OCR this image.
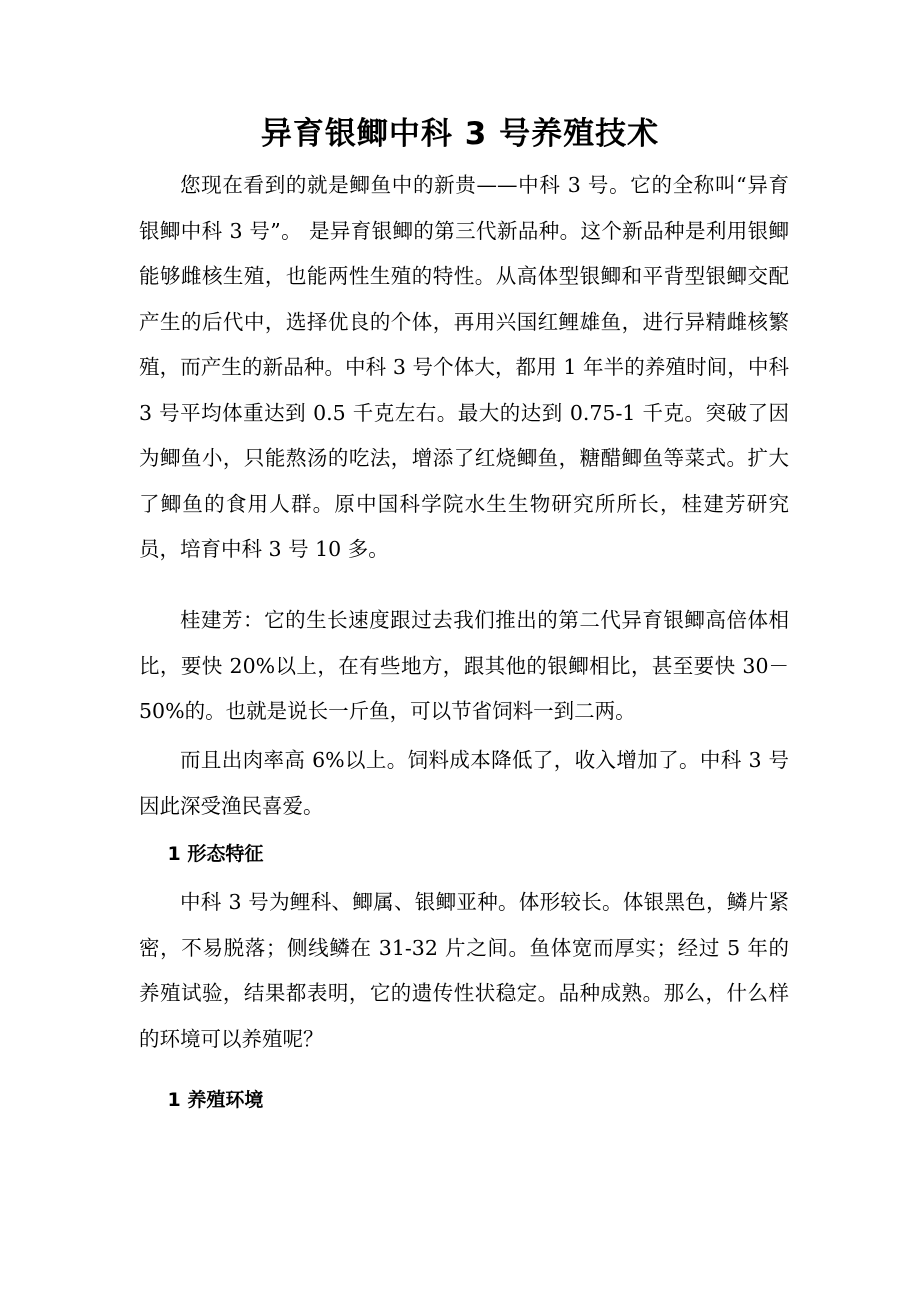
异育银鲫中科 3 号养殖技术

您现在看到的就是鲫鱼中的新贵——中科 3 号。它的全称叫“异育银鲫中科 3 号”。 是异育银鲫的第三代新品种。这个新品种是利用银鲫能够雌核生殖，也能两性生殖的特性。从高体型银鲫和平背型银鲫交配产生的后代中，选择优良的个体，再用兴国红鲤雄鱼，进行异精雌核繁殖，而产生的新品种。中科 3 号个体大，都用 1 年半的养殖时间，中科 3 号平均体重达到 0.5 千克左右。最大的达到 0.75-1 千克。突破了因为鲫鱼小，只能熬汤的吃法，增添了红烧鲫鱼，糖醋鲫鱼等菜式。扩大了鲫鱼的食用人群。原中国科学院水生生物研究所所长，桂建芳研究员，培育中科 3 号 10 多。

桂建芳：它的生长速度跟过去我们推出的第二代异育银鲫高倍体相比，要快 20%以上，在有些地方，跟其他的银鲫相比，甚至要快 30－50%的。也就是说长一斤鱼，可以节省饲料一到二两。

而且出肉率高 6%以上。饲料成本降低了，收入增加了。中科 3 号因此深受渔民喜爱。

1 形态特征

中科 3 号为鲤科、鲫属、银鲫亚种。体形较长。体银黑色，鳞片紧密，不易脱落；侧线鳞在 31-32 片之间。鱼体宽而厚实；经过 5 年的养殖试验，结果都表明，它的遗传性状稳定。品种成熟。那么，什么样的环境可以养殖呢？

1 养殖环境
